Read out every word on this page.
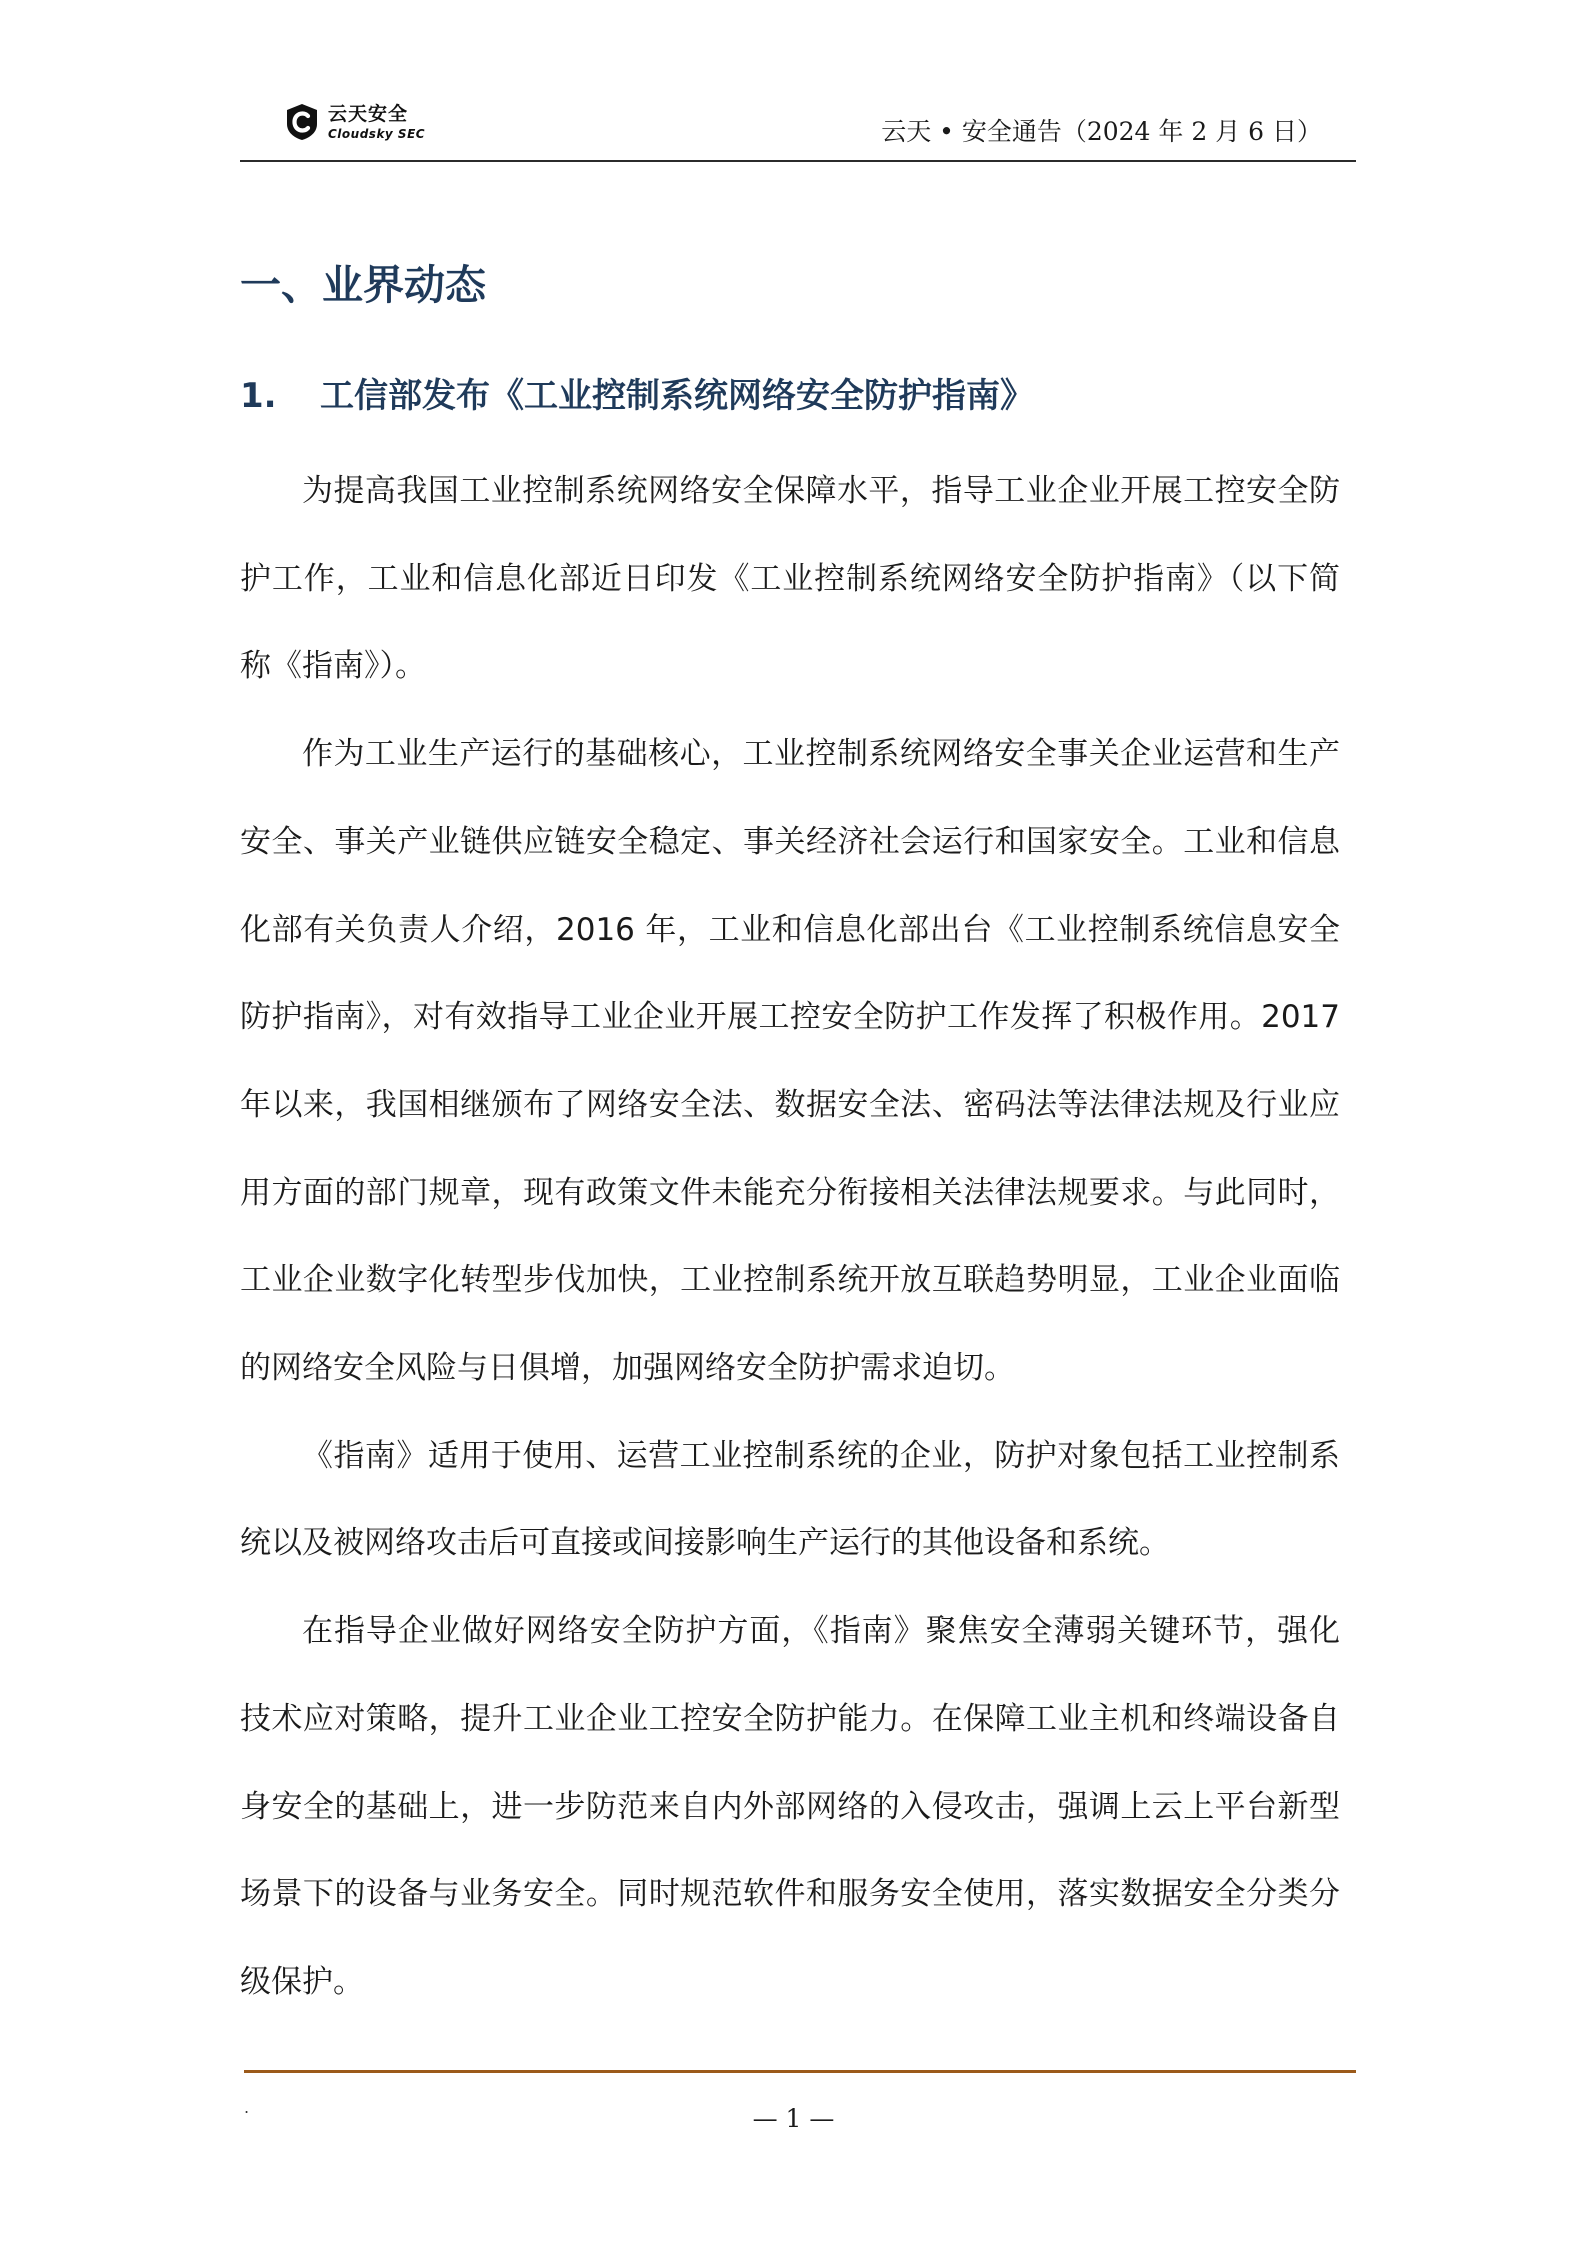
云天安全
Cloudsky SEC	云天 • 安全通告（2024 年 2 月 6 日）
一、业界动态
1. 工信部发布《工业控制系统网络安全防护指南》

为提高我国工业控制系统网络安全保障水平，指导工业企业开展工控安全防护工作，工业和信息化部近日印发《工业控制系统网络安全防护指南》（以下简称《指南》）。

作为工业生产运行的基础核心，工业控制系统网络安全事关企业运营和生产安全、事关产业链供应链安全稳定、事关经济社会运行和国家安全。工业和信息化部有关负责人介绍，2016 年，工业和信息化部出台《工业控制系统信息安全防护指南》，对有效指导工业企业开展工控安全防护工作发挥了积极作用。2017 年以来，我国相继颁布了网络安全法、数据安全法、密码法等法律法规及行业应用方面的部门规章，现有政策文件未能充分衔接相关法律法规要求。与此同时，工业企业数字化转型步伐加快，工业控制系统开放互联趋势明显，工业企业面临的网络安全风险与日俱增，加强网络安全防护需求迫切。

《指南》适用于使用、运营工业控制系统的企业，防护对象包括工业控制系统以及被网络攻击后可直接或间接影响生产运行的其他设备和系统。

在指导企业做好网络安全防护方面，《指南》聚焦安全薄弱关键环节，强化技术应对策略，提升工业企业工控安全防护能力。在保障工业主机和终端设备自身安全的基础上，进一步防范来自内外部网络的入侵攻击，强调上云上平台新型场景下的设备与业务安全。同时规范软件和服务安全使用，落实数据安全分类分级保护。

.	— 1 —
